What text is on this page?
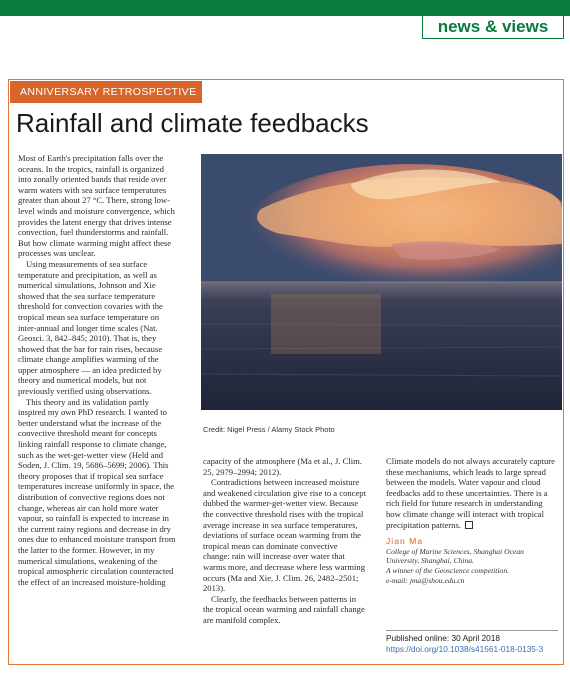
news & views
ANNIVERSARY RETROSPECTIVE
Rainfall and climate feedbacks

Most of Earth's precipitation falls over the oceans. In the tropics, rainfall is organized into zonally oriented bands that reside over warm waters with sea surface temperatures greater than about 27 °C. There, strong low-level winds and moisture convergence, which provides the latent energy that drives intense convection, fuel thunderstorms and rainfall. But how climate warming might affect these processes was unclear.

Using measurements of sea surface temperature and precipitation, as well as numerical simulations, Johnson and Xie showed that the sea surface temperature threshold for convection covaries with the tropical mean sea surface temperature on inter-annual and longer time scales (Nat. Geosci. 3, 842–845; 2010). That is, they showed that the bar for rain rises, because climate change amplifies warming of the upper atmosphere — an idea predicted by theory and numerical models, but not previously verified using observations.

This theory and its validation partly inspired my own PhD research. I wanted to better understand what the increase of the convective threshold meant for concepts linking rainfall response to climate change, such as the wet-get-wetter view (Held and Soden, J. Clim. 19, 5686–5699; 2006). This theory proposes that if tropical sea surface temperatures increase uniformly in space, the distribution of convective regions does not change, whereas air can hold more water vapour, so rainfall is expected to increase in the current rainy regions and decrease in dry ones due to enhanced moisture transport from the latter to the former. However, in my numerical simulations, weakening of the tropical atmospheric circulation counteracted the effect of an increased moisture-holding

Credit: Nigel Press / Alamy Stock Photo

capacity of the atmosphere (Ma et al., J. Clim. 25, 2979–2994; 2012).

Contradictions between increased moisture and weakened circulation give rise to a concept dubbed the warmer-get-wetter view. Because the convective threshold rises with the tropical average increase in sea surface temperatures, deviations of surface ocean warming from the tropical mean can dominate convective change: rain will increase over water that warms more, and decrease where less warming occurs (Ma and Xie, J. Clim. 26, 2482–2501; 2013).

Clearly, the feedbacks between patterns in the tropical ocean warming and rainfall change are manifold complex.

Climate models do not always accurately capture these mechanisms, which leads to large spread between the models. Water vapour and cloud feedbacks add to these uncertainties. There is a rich field for future research in understanding how climate change will interact with tropical precipitation patterns.

Jian Ma
College of Marine Sciences, Shanghai Ocean University, Shanghai, China.
A winner of the Geoscience competition.
e-mail: jma@shou.edu.cn
Published online: 30 April 2018
https://doi.org/10.1038/s41561-018-0135-3
